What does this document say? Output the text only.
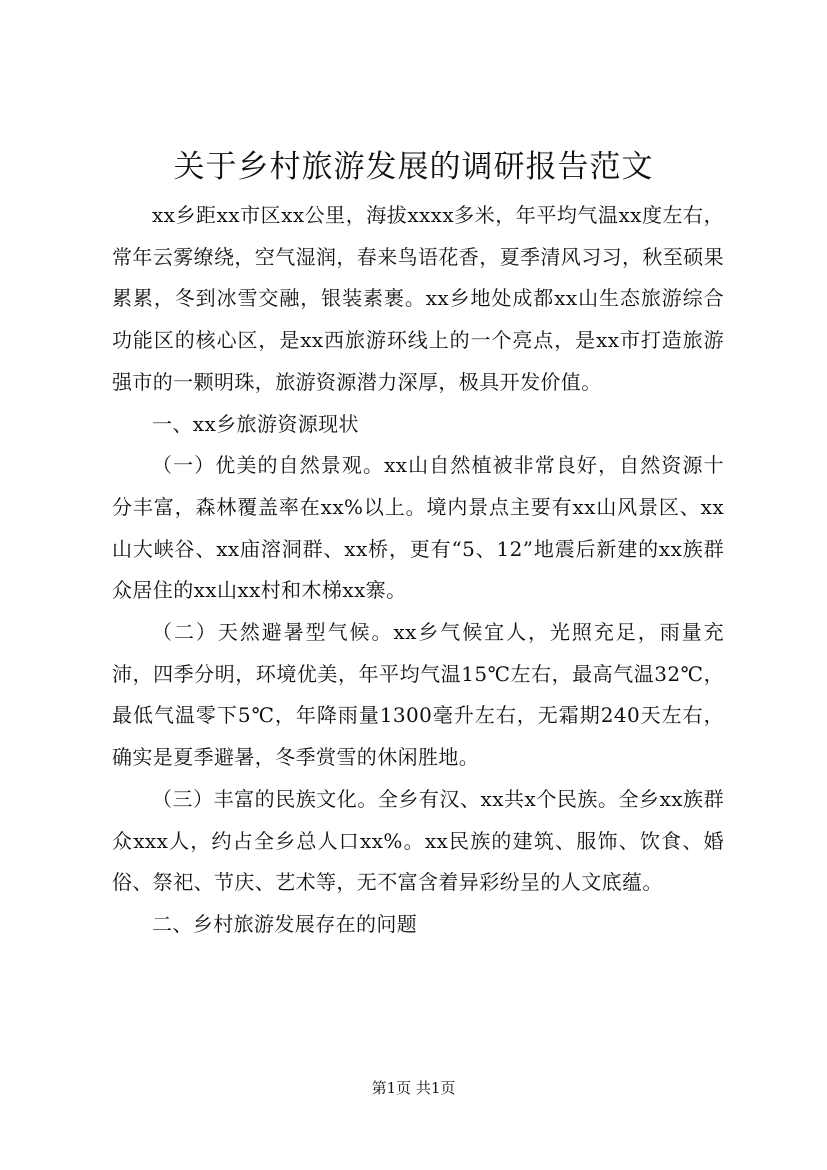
关于乡村旅游发展的调研报告范文

xx乡距xx市区xx公里，海拔xxxx多米，年平均气温xx度左右，常年云雾缭绕，空气湿润，春来鸟语花香，夏季清风习习，秋至硕果累累，冬到冰雪交融，银装素裹。xx乡地处成都xx山生态旅游综合功能区的核心区，是xx西旅游环线上的一个亮点，是xx市打造旅游强市的一颗明珠，旅游资源潜力深厚，极具开发价值。

一、xx乡旅游资源现状

（一）优美的自然景观。xx山自然植被非常良好，自然资源十分丰富，森林覆盖率在xx%以上。境内景点主要有xx山风景区、xx山大峡谷、xx庙溶洞群、xx桥，更有“5、12”地震后新建的xx族群众居住的xx山xx村和木梯xx寨。

（二）天然避暑型气候。xx乡气候宜人，光照充足，雨量充沛，四季分明，环境优美，年平均气温15℃左右，最高气温32℃，最低气温零下5℃，年降雨量1300毫升左右，无霜期240天左右，确实是夏季避暑，冬季赏雪的休闲胜地。

（三）丰富的民族文化。全乡有汉、xx共x个民族。全乡xx族群众xxx人，约占全乡总人口xx%。xx民族的建筑、服饰、饮食、婚俗、祭祀、节庆、艺术等，无不富含着异彩纷呈的人文底蕴。

二、乡村旅游发展存在的问题

第1页 共1页
